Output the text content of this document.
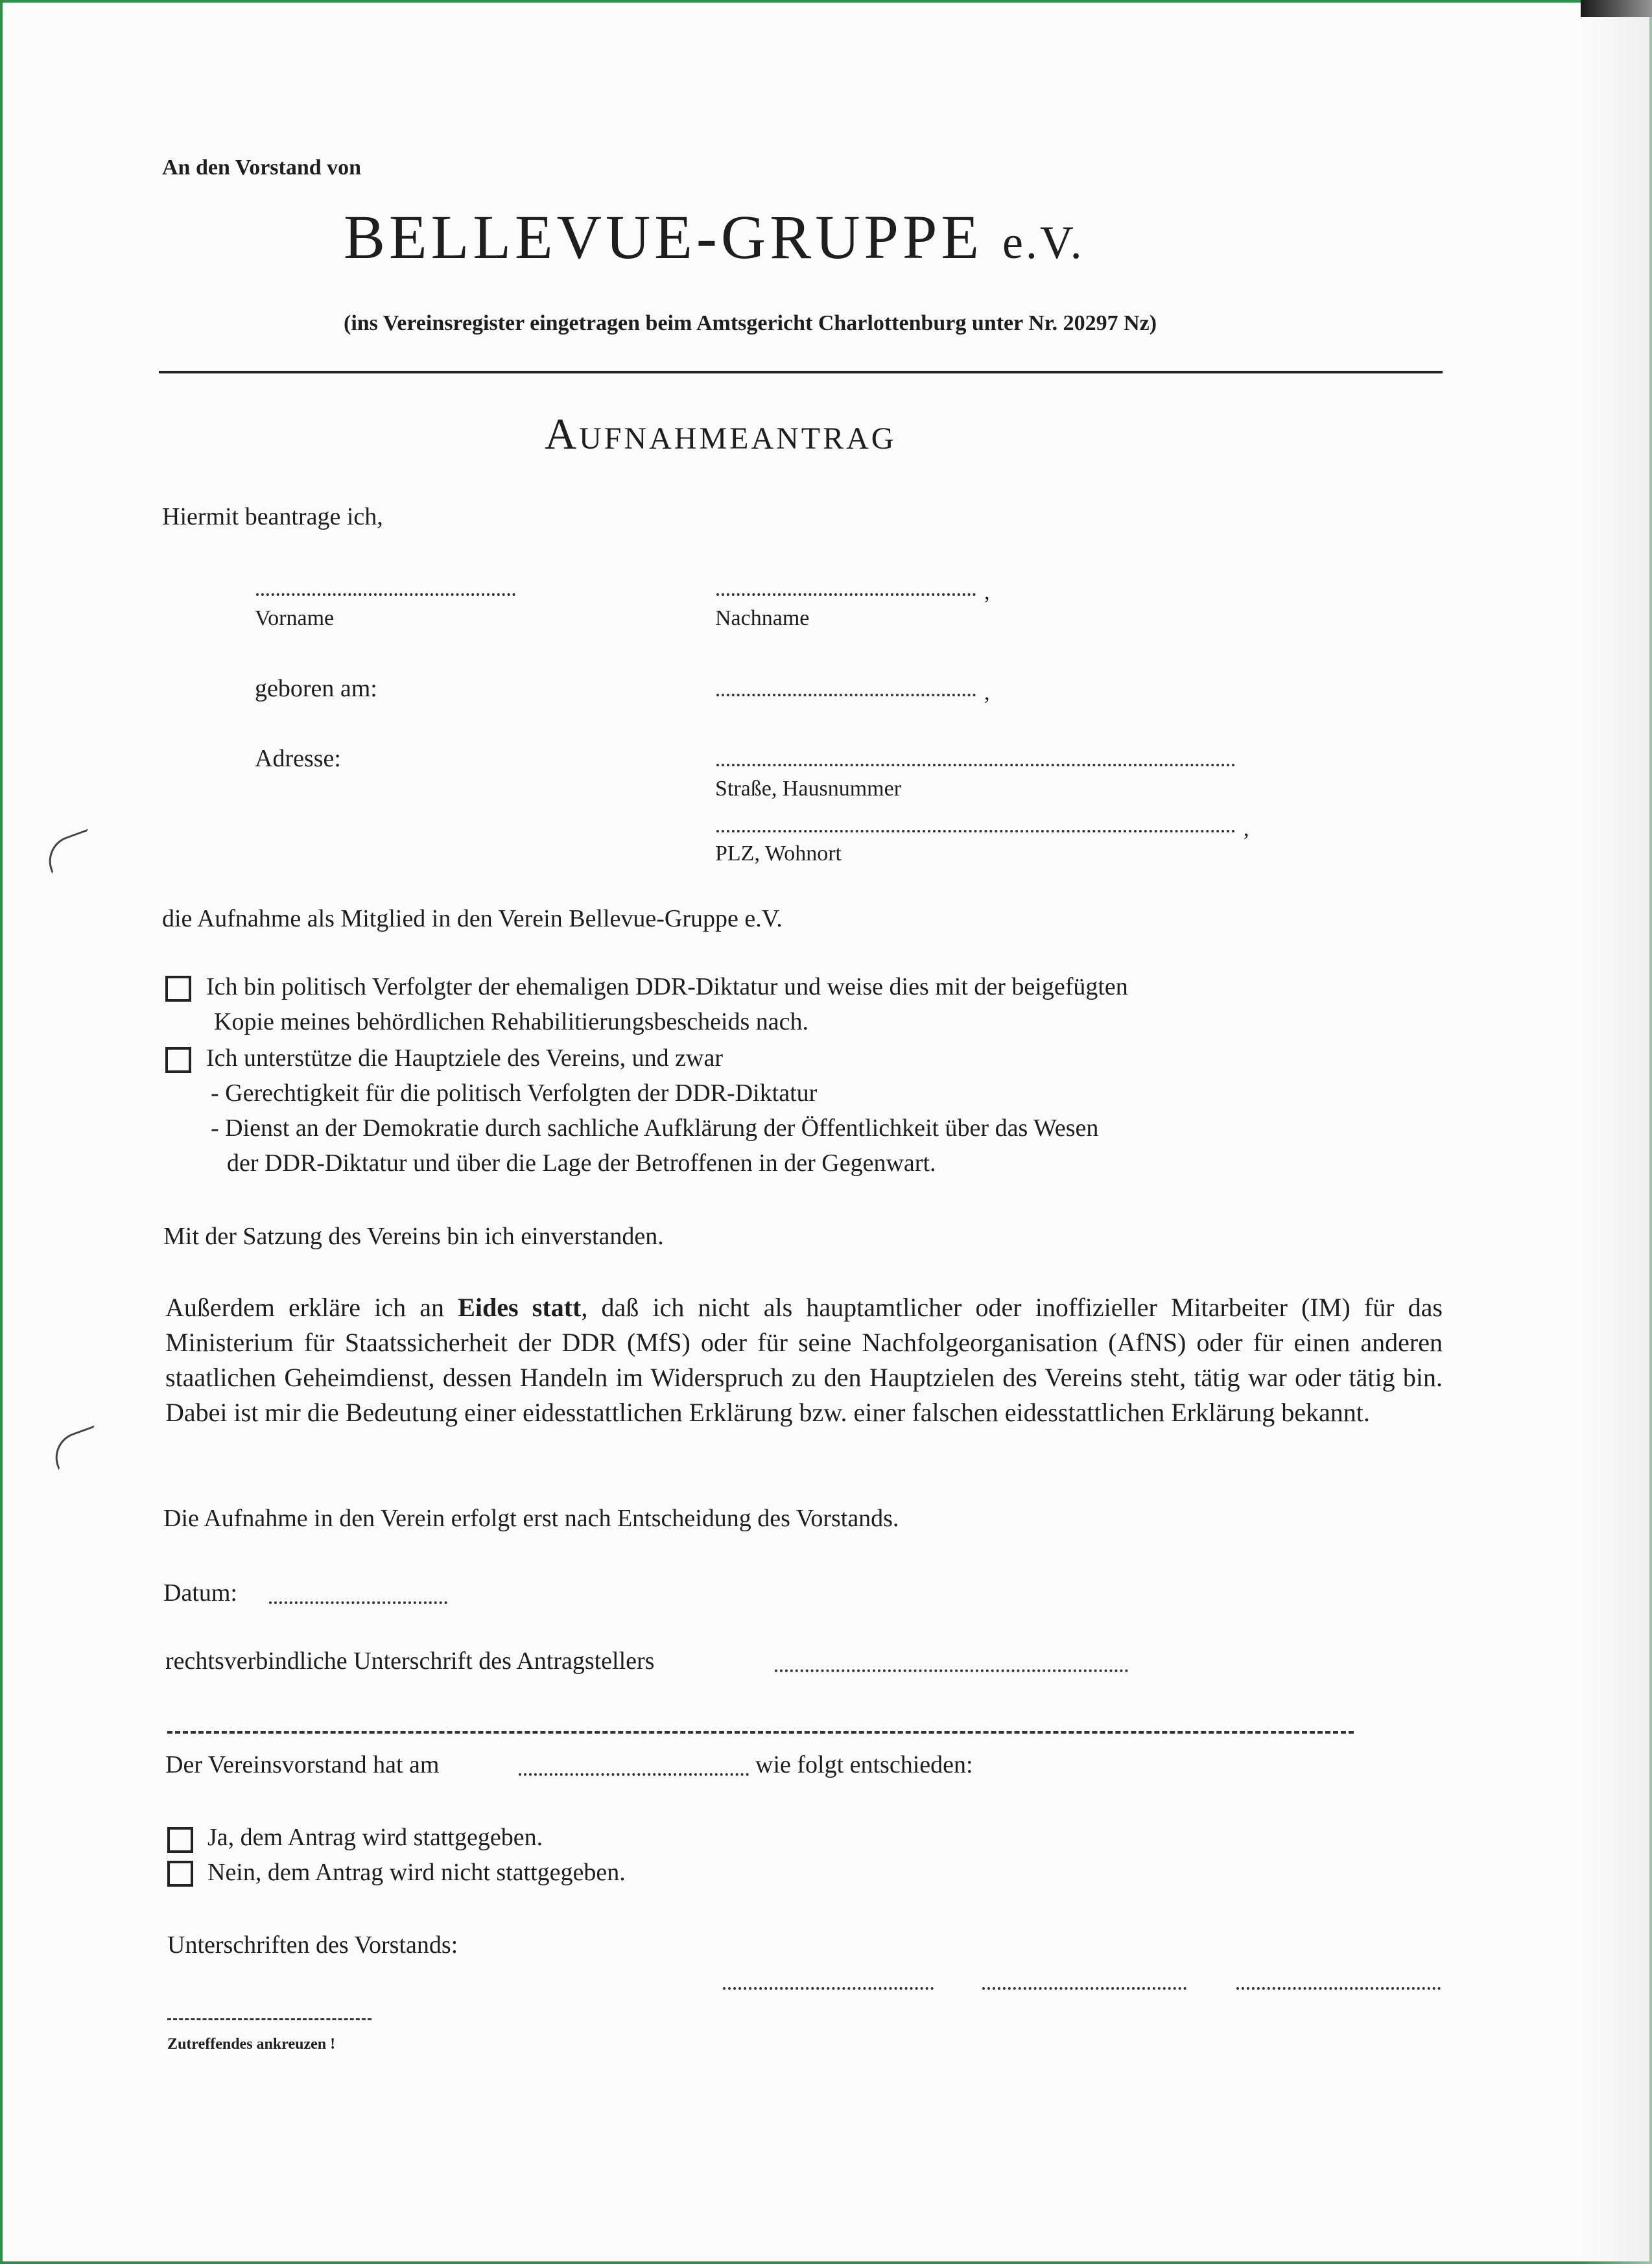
An den Vorstand von
BELLEVUE-GRUPPE e.V.
(ins Vereinsregister eingetragen beim Amtsgericht Charlottenburg unter Nr. 20297 Nz)
Aufnahmeantrag
Hiermit beantrage ich,
Vorname
,
Nachname
geboren am:	,
Adresse:
Straße, Hausnummer
,
PLZ, Wohnort
die Aufnahme als Mitglied in den Verein Bellevue-Gruppe e.V.
Ich bin politisch Verfolgter der ehemaligen DDR-Diktatur und weise dies mit der beigefügten
Kopie meines behördlichen Rehabilitierungsbescheids nach.
Ich unterstütze die Hauptziele des Vereins, und zwar
- Gerechtigkeit für die politisch Verfolgten der DDR-Diktatur
- Dienst an der Demokratie durch sachliche Aufklärung der Öffentlichkeit über das Wesen
der DDR-Diktatur und über die Lage der Betroffenen in der Gegenwart.
Mit der Satzung des Vereins bin ich einverstanden.
Außerdem erkläre ich an Eides statt, daß ich nicht als hauptamtlicher oder inoffizieller Mitarbeiter (IM) für das Ministerium für Staatssicherheit der DDR (MfS) oder für seine Nachfolgeorganisation (AfNS) oder für einen anderen staatlichen Geheimdienst, dessen Handeln im Widerspruch zu den Hauptzielen des Vereins steht, tätig war oder tätig bin. Dabei ist mir die Bedeutung einer eidesstattlichen Erklärung bzw. einer falschen eidesstattlichen Erklärung bekannt.
Die Aufnahme in den Verein erfolgt erst nach Entscheidung des Vorstands.
Datum:
rechtsverbindliche Unterschrift des Antragstellers
Der Vereinsvorstand hat am	wie folgt entschieden:
Ja, dem Antrag wird stattgegeben.
Nein, dem Antrag wird nicht stattgegeben.
Unterschriften des Vorstands:
Zutreffendes ankreuzen !
